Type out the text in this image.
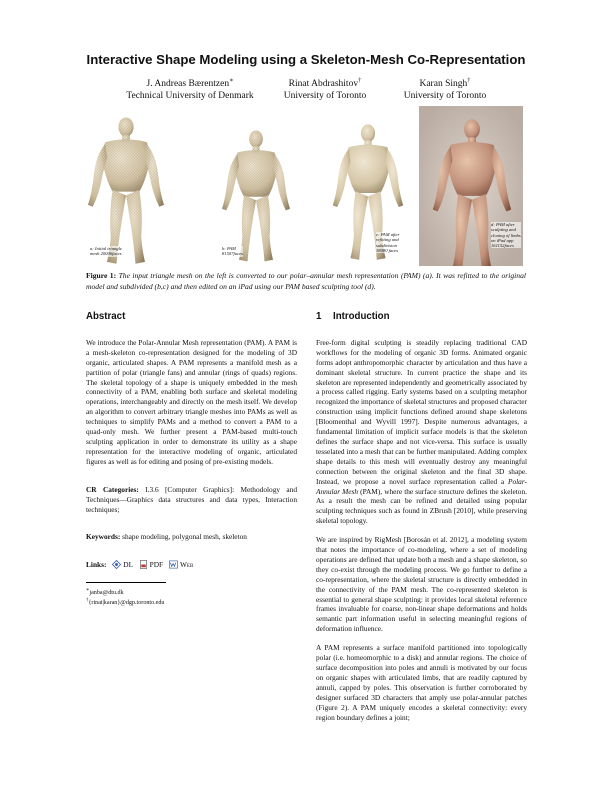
Interactive Shape Modeling using a Skeleton-Mesh Co-Representation
J. Andreas Bærentzen∗
Technical University of Denmark
Rinat Abdrashitov†
University of Toronto
Karan Singh†
University of Toronto
a: Initial triangle
mesh 20006faces
b: PAM
81507faces
c: PAM after
refitting and
subdivision
38080 faces
d: PAM after
sculpting and
cloning of limbs
on iPad app
161152faces
Figure 1: The input triangle mesh on the left is converted to our polar–annular mesh representation (PAM) (a). It was refitted to the original model and subdivided (b,c) and then edited on an iPad using our PAM based sculpting tool (d).
Abstract

We introduce the Polar-Annular Mesh representation (PAM). A PAM is a mesh-skeleton co-representation designed for the modeling of 3D organic, articulated shapes. A PAM represents a manifold mesh as a partition of polar (triangle fans) and annular (rings of quads) regions. The skeletal topology of a shape is uniquely embedded in the mesh connectivity of a PAM, enabling both surface and skeletal modeling operations, interchangeably and directly on the mesh itself. We develop an algorithm to convert arbitrary triangle meshes into PAMs as well as techniques to simplify PAMs and a method to convert a PAM to a quad-only mesh. We further present a PAM-based multi-touch sculpting application in order to demonstrate its utility as a shape representation for the interactive modeling of organic, articulated figures as well as for editing and posing of pre-existing models.

CR Categories: I.3.6 [Computer Graphics]: Methodology and Techniques—Graphics data structures and data types, Interaction techniques;

Keywords: shape modeling, polygonal mesh, skeleton

Links: DL PDF Web
∗janba@dtu.dk
†{rinat|karan}@dgp.toronto.edu
1 Introduction

Free-form digital sculpting is steadily replacing traditional CAD workflows for the modeling of organic 3D forms. Animated organic forms adopt anthropomorphic character by articulation and thus have a dominant skeletal structure. In current practice the shape and its skeleton are represented independently and geometrically associated by a process called rigging. Early systems based on a sculpting metaphor recognized the importance of skeletal structures and proposed character construction using implicit functions defined around shape skeletons [Bloomenthal and Wyvill 1997]. Despite numerous advantages, a fundamental limitation of implicit surface models is that the skeleton defines the surface shape and not vice-versa. This surface is usually tesselated into a mesh that can be further manipulated. Adding complex shape details to this mesh will eventually destroy any meaningful connection between the original skeleton and the final 3D shape. Instead, we propose a novel surface representation called a Polar-Annular Mesh (PAM), where the surface structure defines the skeleton. As a result the mesh can be refined and detailed using popular sculpting techniques such as found in ZBrush [2010], while preserving skeletal topology.

We are inspired by RigMesh [Borosán et al. 2012], a modeling system that notes the importance of co-modeling, where a set of modeling operations are defined that update both a mesh and a shape skeleton, so they co-exist through the modeling process. We go further to define a co-representation, where the skeletal structure is directly embedded in the connectivity of the PAM mesh. The co-represented skeleton is essential to general shape sculpting: it provides local skeletal reference frames invaluable for coarse, non-linear shape deformations and holds semantic part information useful in selecting meaningful regions of deformation influence.

A PAM represents a surface manifold partitioned into topologically polar (i.e. homeomorphic to a disk) and annular regions. The choice of surface decomposition into poles and annuli is motivated by our focus on organic shapes with articulated limbs, that are readily captured by annuli, capped by poles. This observation is further corroborated by designer surfaced 3D characters that amply use polar-annular patches (Figure 2). A PAM uniquely encodes a skeletal connectivity: every region boundary defines a joint;
